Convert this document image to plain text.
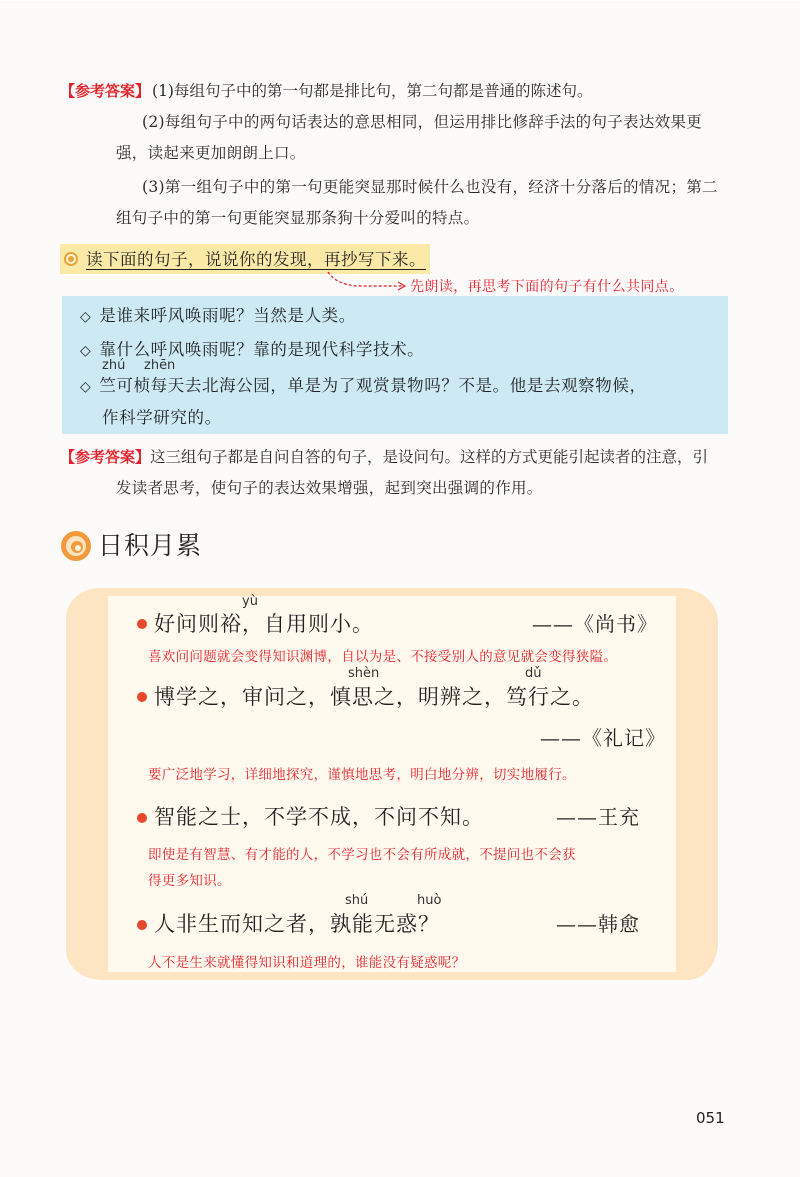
【参考答案】 (1)每组句子中的第一句都是排比句，第二句都是普通的陈述句。
(2)每组句子中的两句话表达的意思相同，但运用排比修辞手法的句子表达效果更
强，读起来更加朗朗上口。
(3)第一组句子中的第一句更能突显那时候什么也没有，经济十分落后的情况；第二
组句子中的第一句更能突显那条狗十分爱叫的特点。
读下面的句子，说说你的发现，再抄写下来。
先朗读，再思考下面的句子有什么共同点。
◇ 是谁来呼风唤雨呢？当然是人类。
◇ 靠什么呼风唤雨呢？靠的是现代科学技术。
zhú zhēn
◇ 竺可桢每天去北海公园，单是为了观赏景物吗？不是。他是去观察物候，
作科学研究的。
【参考答案】这三组句子都是自问自答的句子，是设问句。这样的方式更能引起读者的注意，引
发读者思考，使句子的表达效果增强，起到突出强调的作用。
日积月累
yù
好问则裕，自用则小。	——《尚书》
喜欢问问题就会变得知识渊博，自以为是、不接受别人的意见就会变得狭隘。
shèn	dǔ
博学之，审问之，慎思之，明辨之，笃行之。
——《礼记》
要广泛地学习，详细地探究，谨慎地思考，明白地分辨，切实地履行。
智能之士，不学不成，不问不知。	——王充
即使是有智慧、有才能的人，不学习也不会有所成就，不提问也不会获
得更多知识。
shú	huò
人非生而知之者，孰能无惑？	——韩愈
人不是生来就懂得知识和道理的，谁能没有疑惑呢？
051
